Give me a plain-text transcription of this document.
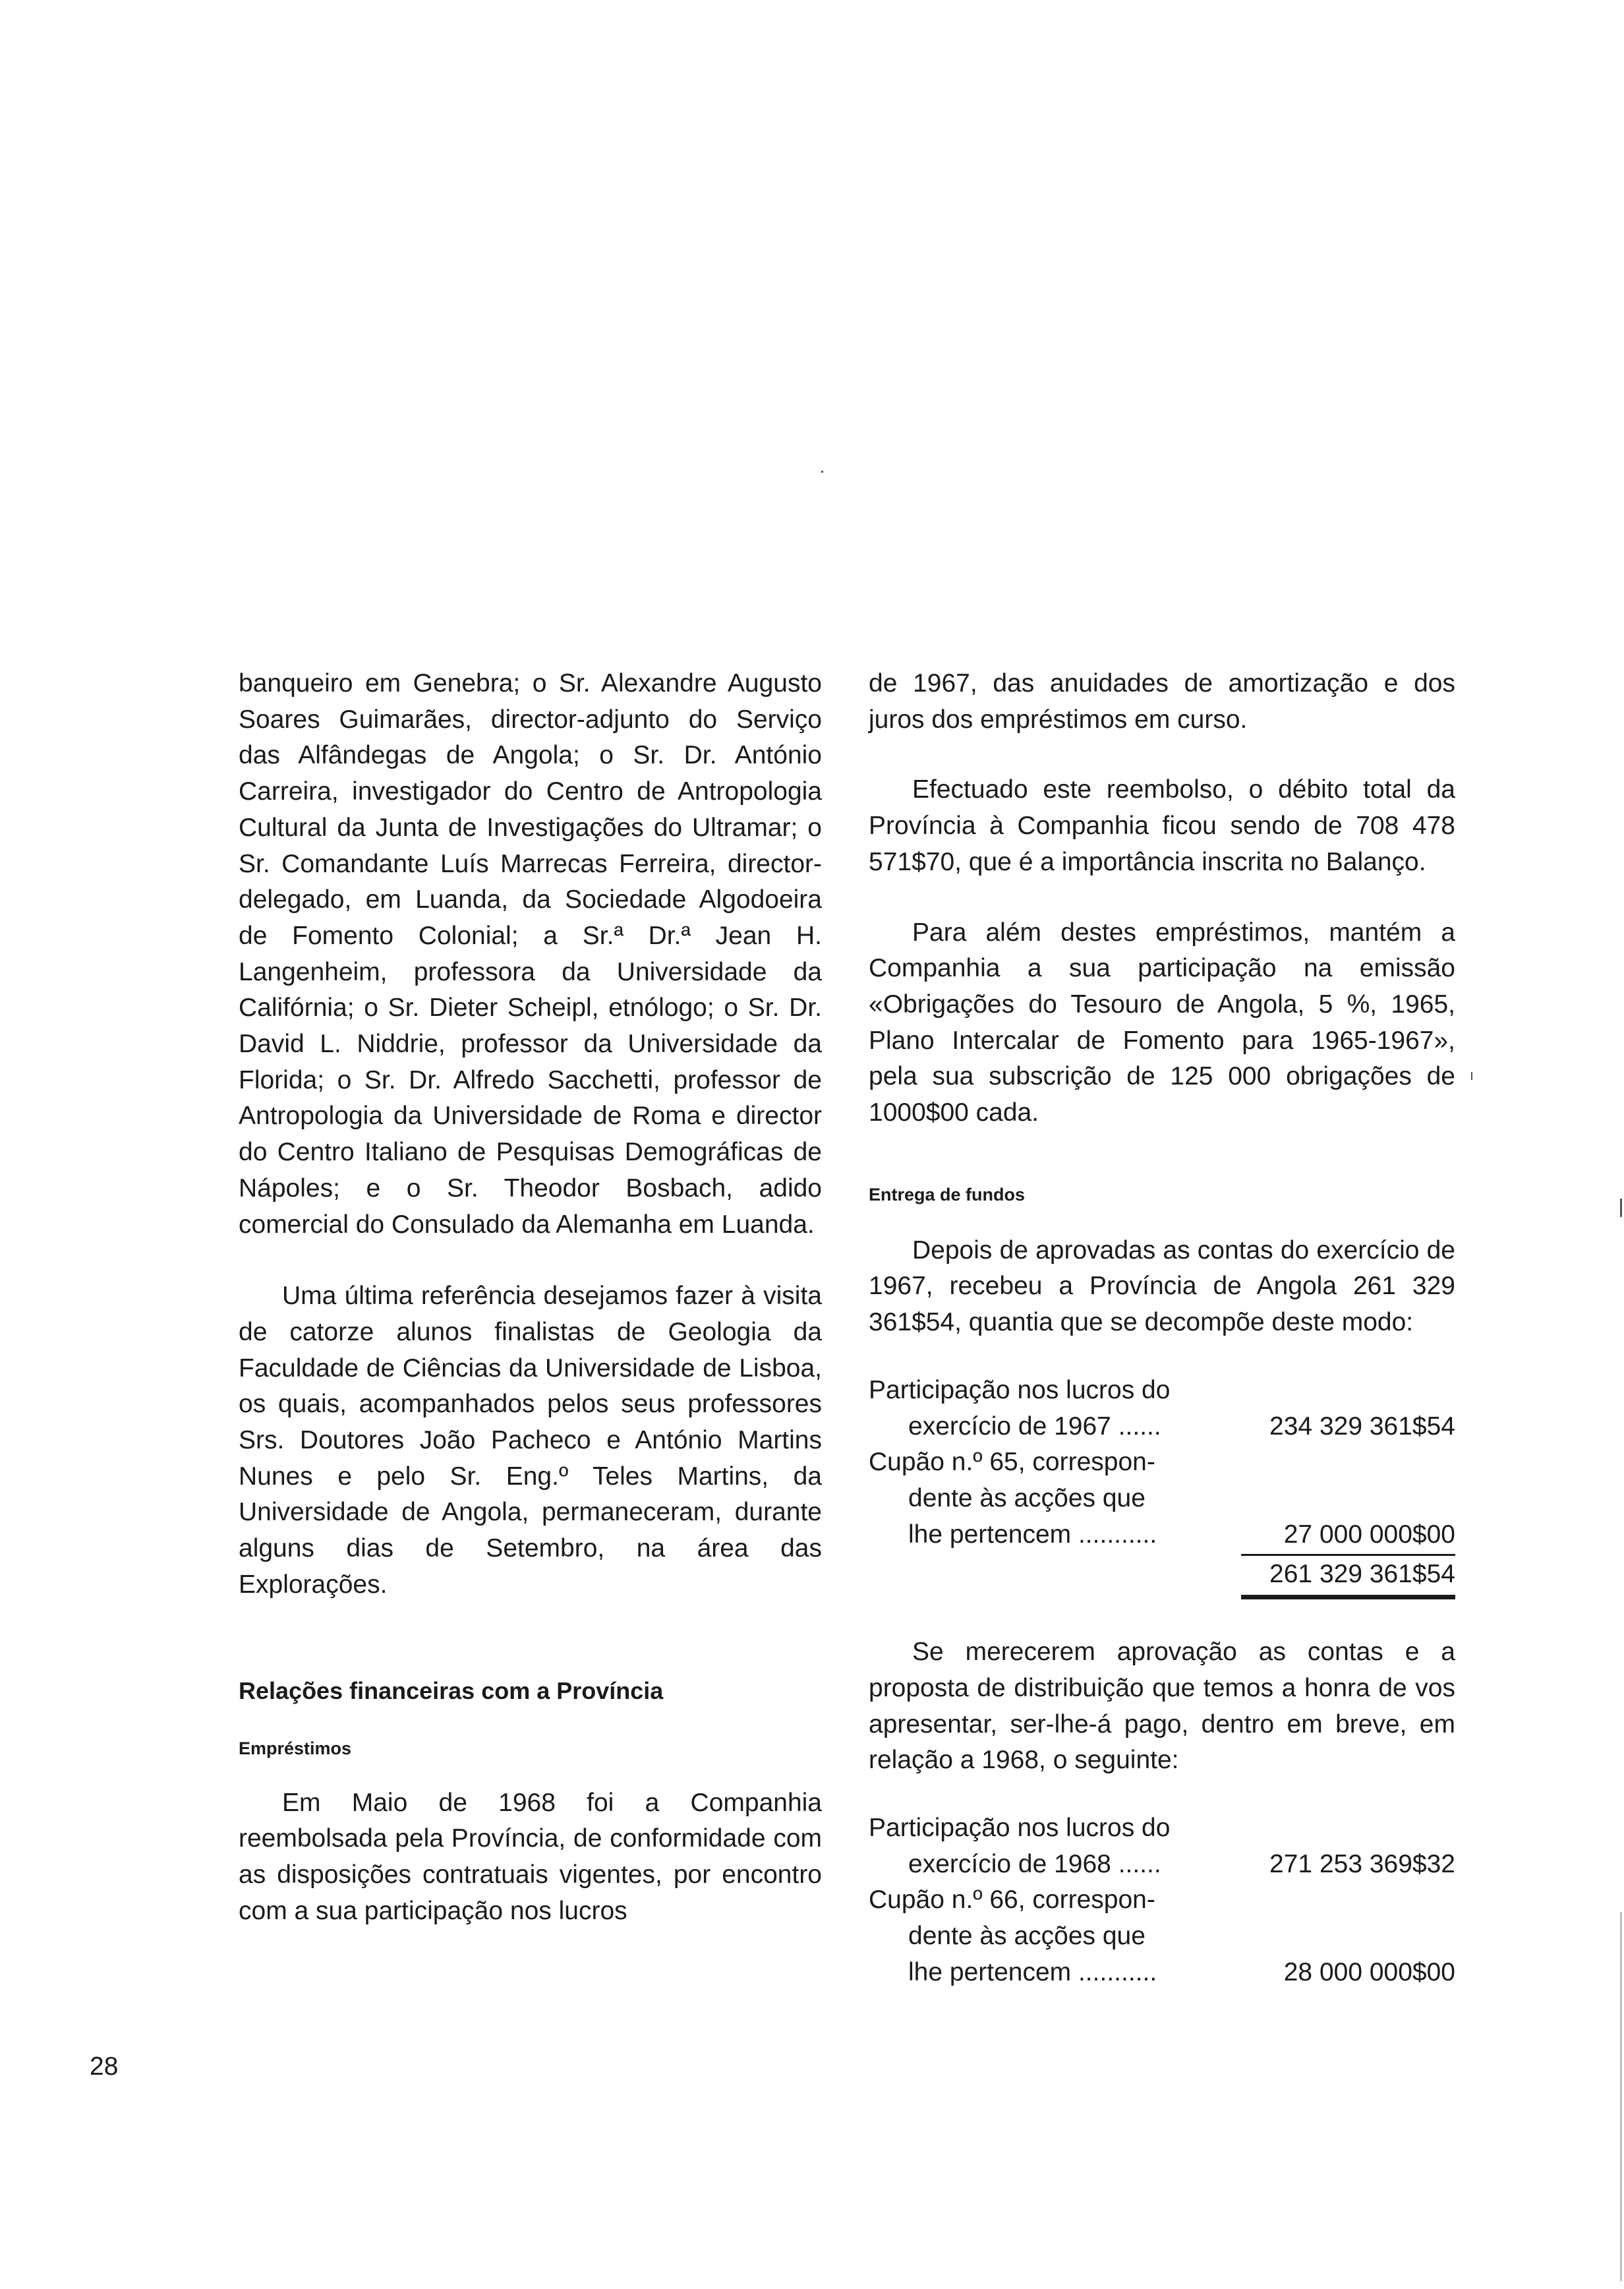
banqueiro em Genebra; o Sr. Alexandre Augusto Soares Guimarães, director-adjunto do Serviço das Alfândegas de Angola; o Sr. Dr. António Carreira, investigador do Centro de Antropologia Cultural da Junta de Investigações do Ultramar; o Sr. Comandante Luís Marrecas Ferreira, director-delegado, em Luanda, da Sociedade Algodoeira de Fomento Colonial; a Sr.ª Dr.ª Jean H. Langenheim, professora da Universidade da Califórnia; o Sr. Dieter Scheipl, etnólogo; o Sr. Dr. David L. Niddrie, professor da Universidade da Florida; o Sr. Dr. Alfredo Sacchetti, professor de Antropologia da Universidade de Roma e director do Centro Italiano de Pesquisas Demográficas de Nápoles; e o Sr. Theodor Bosbach, adido comercial do Consulado da Alemanha em Luanda.

Uma última referência desejamos fazer à visita de catorze alunos finalistas de Geologia da Faculdade de Ciências da Universidade de Lisboa, os quais, acompanhados pelos seus professores Srs. Doutores João Pacheco e António Martins Nunes e pelo Sr. Eng.º Teles Martins, da Universidade de Angola, permaneceram, durante alguns dias de Setembro, na área das Explorações.

Relações financeiras com a Província

Empréstimos

Em Maio de 1968 foi a Companhia reembolsada pela Província, de conformidade com as disposições contratuais vigentes, por encontro com a sua participação nos lucros

de 1967, das anuidades de amortização e dos juros dos empréstimos em curso.

Efectuado este reembolso, o débito total da Província à Companhia ficou sendo de 708 478 571$70, que é a importância inscrita no Balanço.

Para além destes empréstimos, mantém a Companhia a sua participação na emissão «Obrigações do Tesouro de Angola, 5 %, 1965, Plano Intercalar de Fomento para 1965-1967», pela sua subscrição de 125 000 obrigações de 1000$00 cada.

Entrega de fundos

Depois de aprovadas as contas do exercício de 1967, recebeu a Província de Angola 261 329 361$54, quantia que se decompõe deste modo:

Participação nos lucros do
exercício de 1967 ......	234 329 361$54
Cupão n.º 65, correspon-
dente às acções que
lhe pertencem ...........	27 000 000$00
261 329 361$54

Se merecerem aprovação as contas e a proposta de distribuição que temos a honra de vos apresentar, ser-lhe-á pago, dentro em breve, em relação a 1968, o seguinte:

Participação nos lucros do
exercício de 1968 ......	271 253 369$32
Cupão n.º 66, correspon-
dente às acções que
lhe pertencem ...........	28 000 000$00
28
